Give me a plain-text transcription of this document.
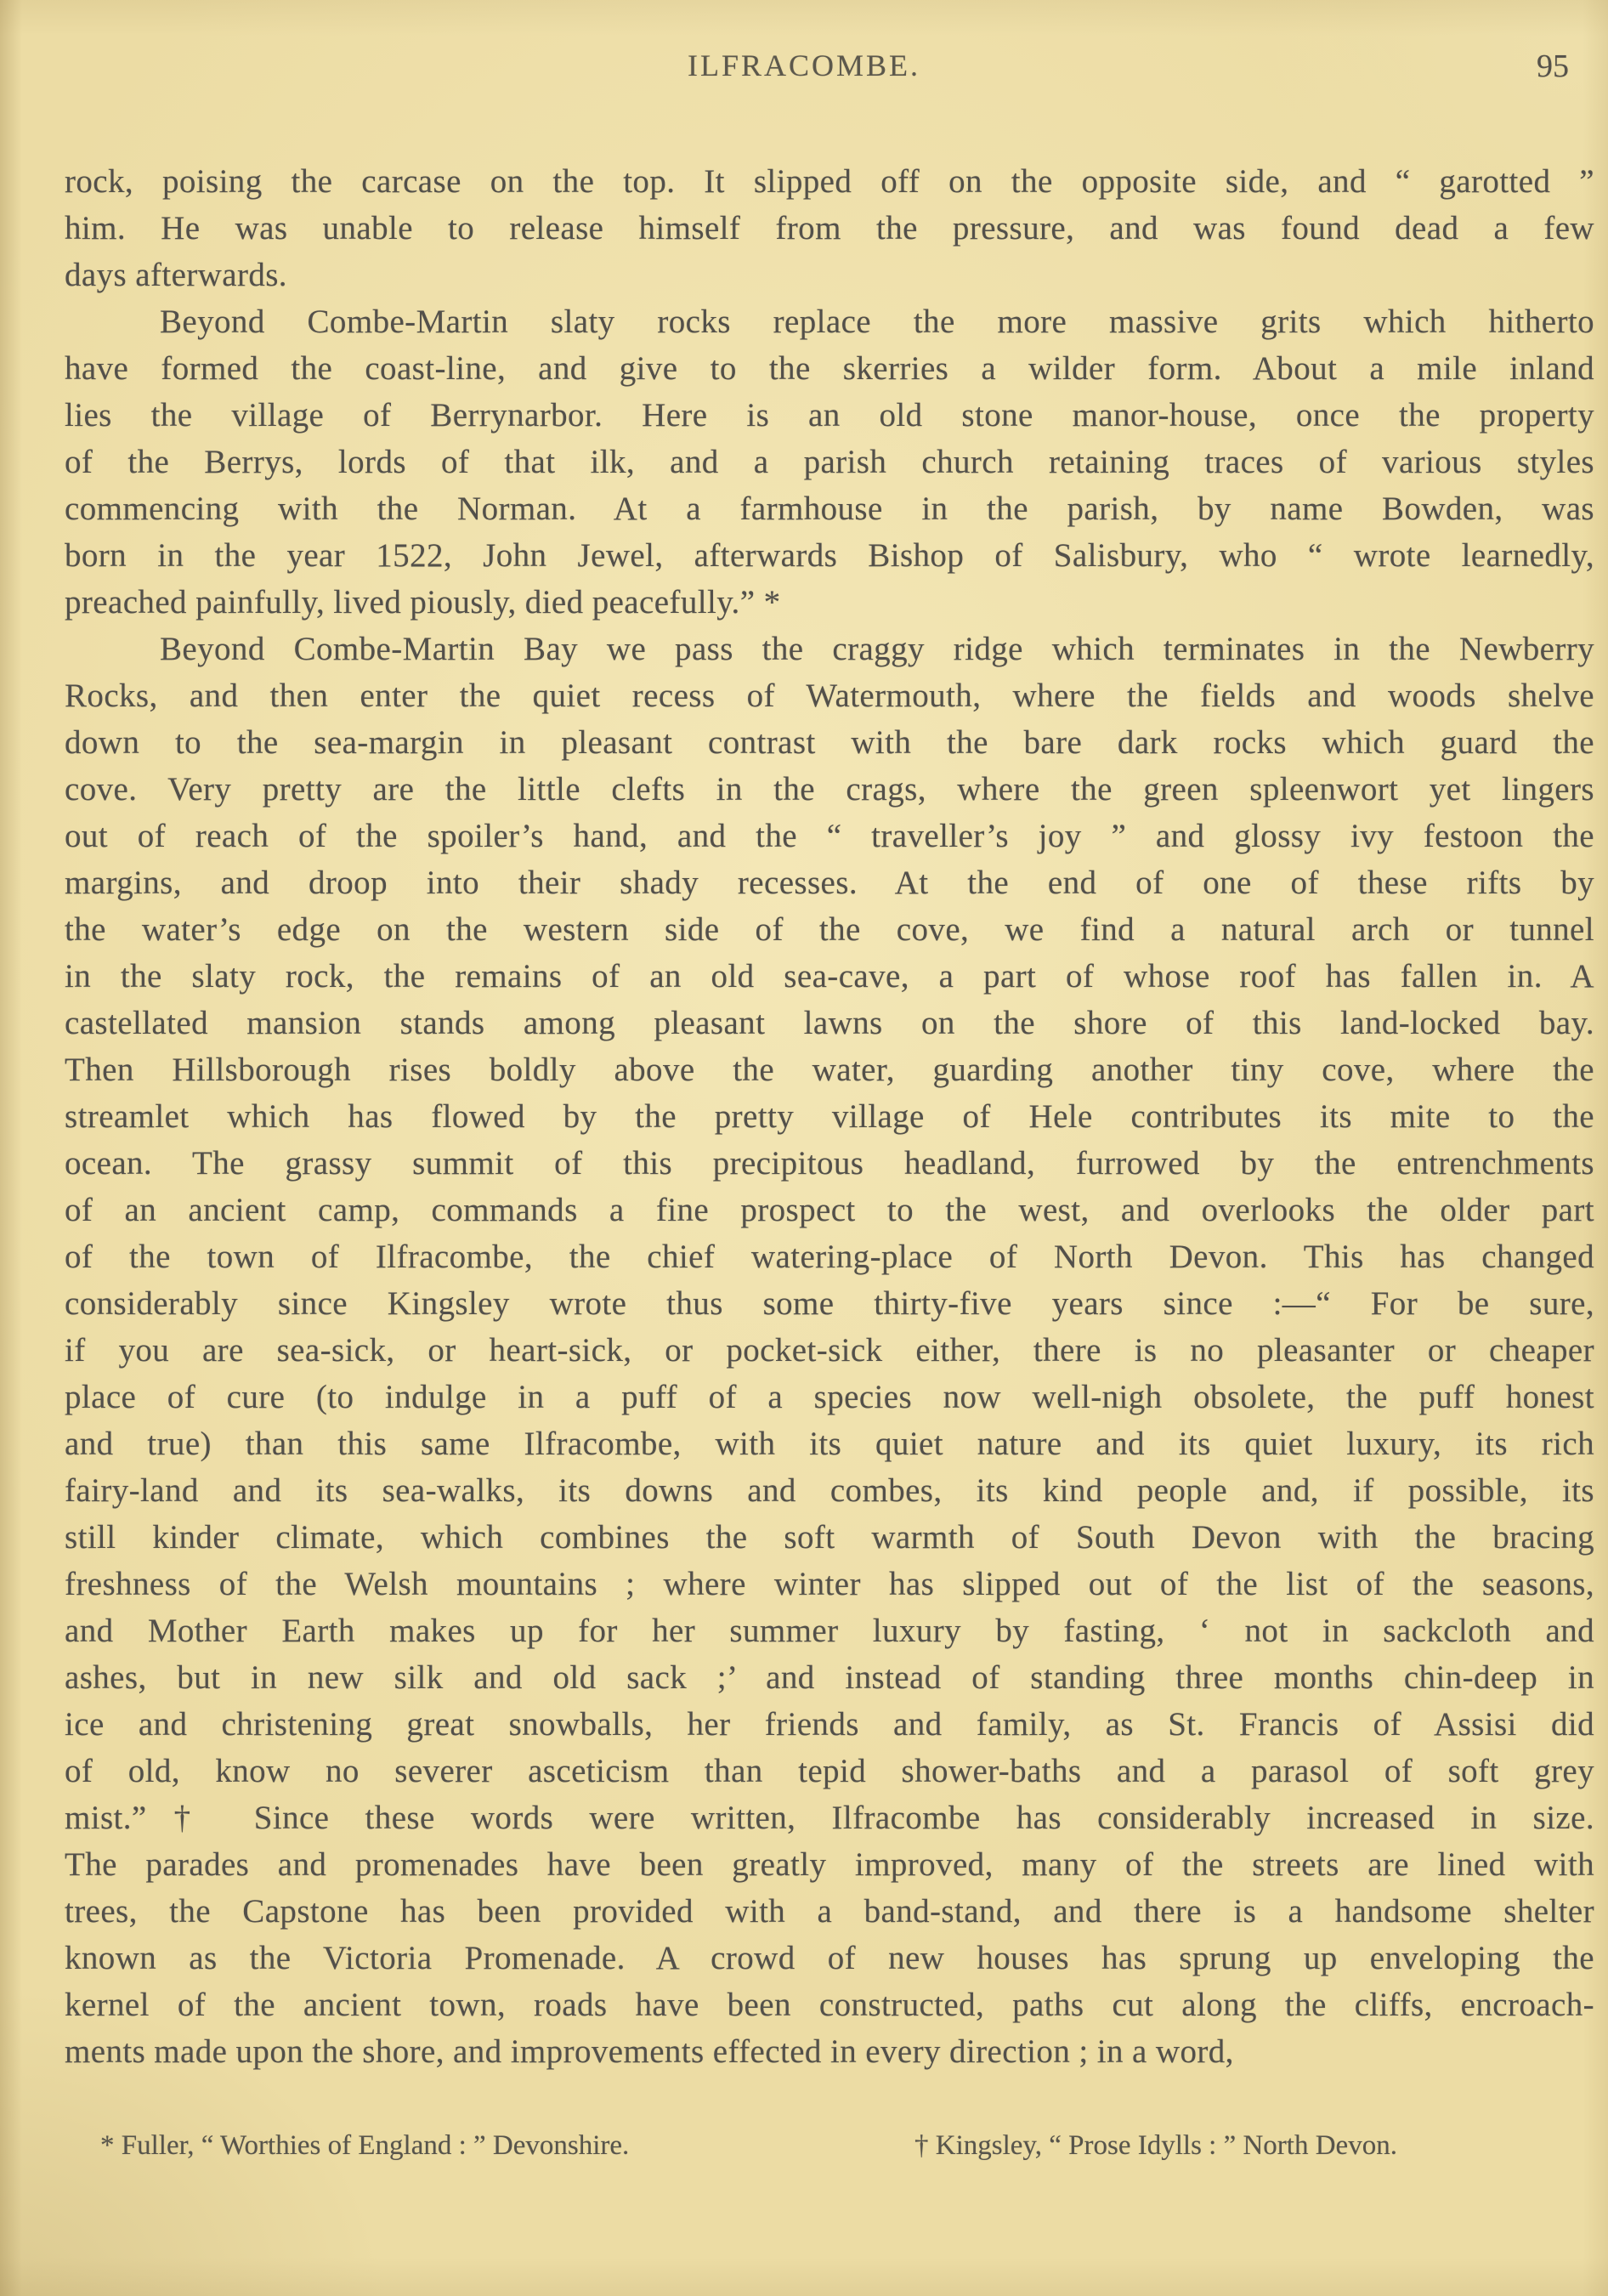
ILFRACOMBE.	95
rock, poising the carcase on the top. It slipped off on the opposite side, and “ garotted ”
him. He was unable to release himself from the pressure, and was found dead a few
days afterwards.
Beyond Combe-Martin slaty rocks replace the more massive grits which hitherto
have formed the coast-line, and give to the skerries a wilder form. About a mile inland
lies the village of Berrynarbor. Here is an old stone manor-house, once the property
of the Berrys, lords of that ilk, and a parish church retaining traces of various styles
commencing with the Norman. At a farmhouse in the parish, by name Bowden, was
born in the year 1522, John Jewel, afterwards Bishop of Salisbury, who “ wrote learnedly,
preached painfully, lived piously, died peacefully.” *
Beyond Combe-Martin Bay we pass the craggy ridge which terminates in the Newberry
Rocks, and then enter the quiet recess of Watermouth, where the fields and woods shelve
down to the sea-margin in pleasant contrast with the bare dark rocks which guard the
cove. Very pretty are the little clefts in the crags, where the green spleenwort yet lingers
out of reach of the spoiler’s hand, and the “ traveller’s joy ” and glossy ivy festoon the
margins, and droop into their shady recesses. At the end of one of these rifts by
the water’s edge on the western side of the cove, we find a natural arch or tunnel
in the slaty rock, the remains of an old sea-cave, a part of whose roof has fallen in. A
castellated mansion stands among pleasant lawns on the shore of this land-locked bay.
Then Hillsborough rises boldly above the water, guarding another tiny cove, where the
streamlet which has flowed by the pretty village of Hele contributes its mite to the
ocean. The grassy summit of this precipitous headland, furrowed by the entrenchments
of an ancient camp, commands a fine prospect to the west, and overlooks the older part
of the town of Ilfracombe, the chief watering-place of North Devon. This has changed
considerably since Kingsley wrote thus some thirty-five years since :—“ For be sure,
if you are sea-sick, or heart-sick, or pocket-sick either, there is no pleasanter or cheaper
place of cure (to indulge in a puff of a species now well-nigh obsolete, the puff honest
and true) than this same Ilfracombe, with its quiet nature and its quiet luxury, its rich
fairy-land and its sea-walks, its downs and combes, its kind people and, if possible, its
still kinder climate, which combines the soft warmth of South Devon with the bracing
freshness of the Welsh mountains ; where winter has slipped out of the list of the seasons,
and Mother Earth makes up for her summer luxury by fasting, ‘ not in sackcloth and
ashes, but in new silk and old sack ;’ and instead of standing three months chin-deep in
ice and christening great snowballs, her friends and family, as St. Francis of Assisi did
of old, know no severer asceticism than tepid shower-baths and a parasol of soft grey
mist.”† Since these words were written, Ilfracombe has considerably increased in size.
The parades and promenades have been greatly improved, many of the streets are lined with
trees, the Capstone has been provided with a band-stand, and there is a handsome shelter
known as the Victoria Promenade. A crowd of new houses has sprung up enveloping the
kernel of the ancient town, roads have been constructed, paths cut along the cliffs, encroach-
ments made upon the shore, and improvements effected in every direction ; in a word,
* Fuller, “ Worthies of England : ” Devonshire.	† Kingsley, “ Prose Idylls : ” North Devon.
